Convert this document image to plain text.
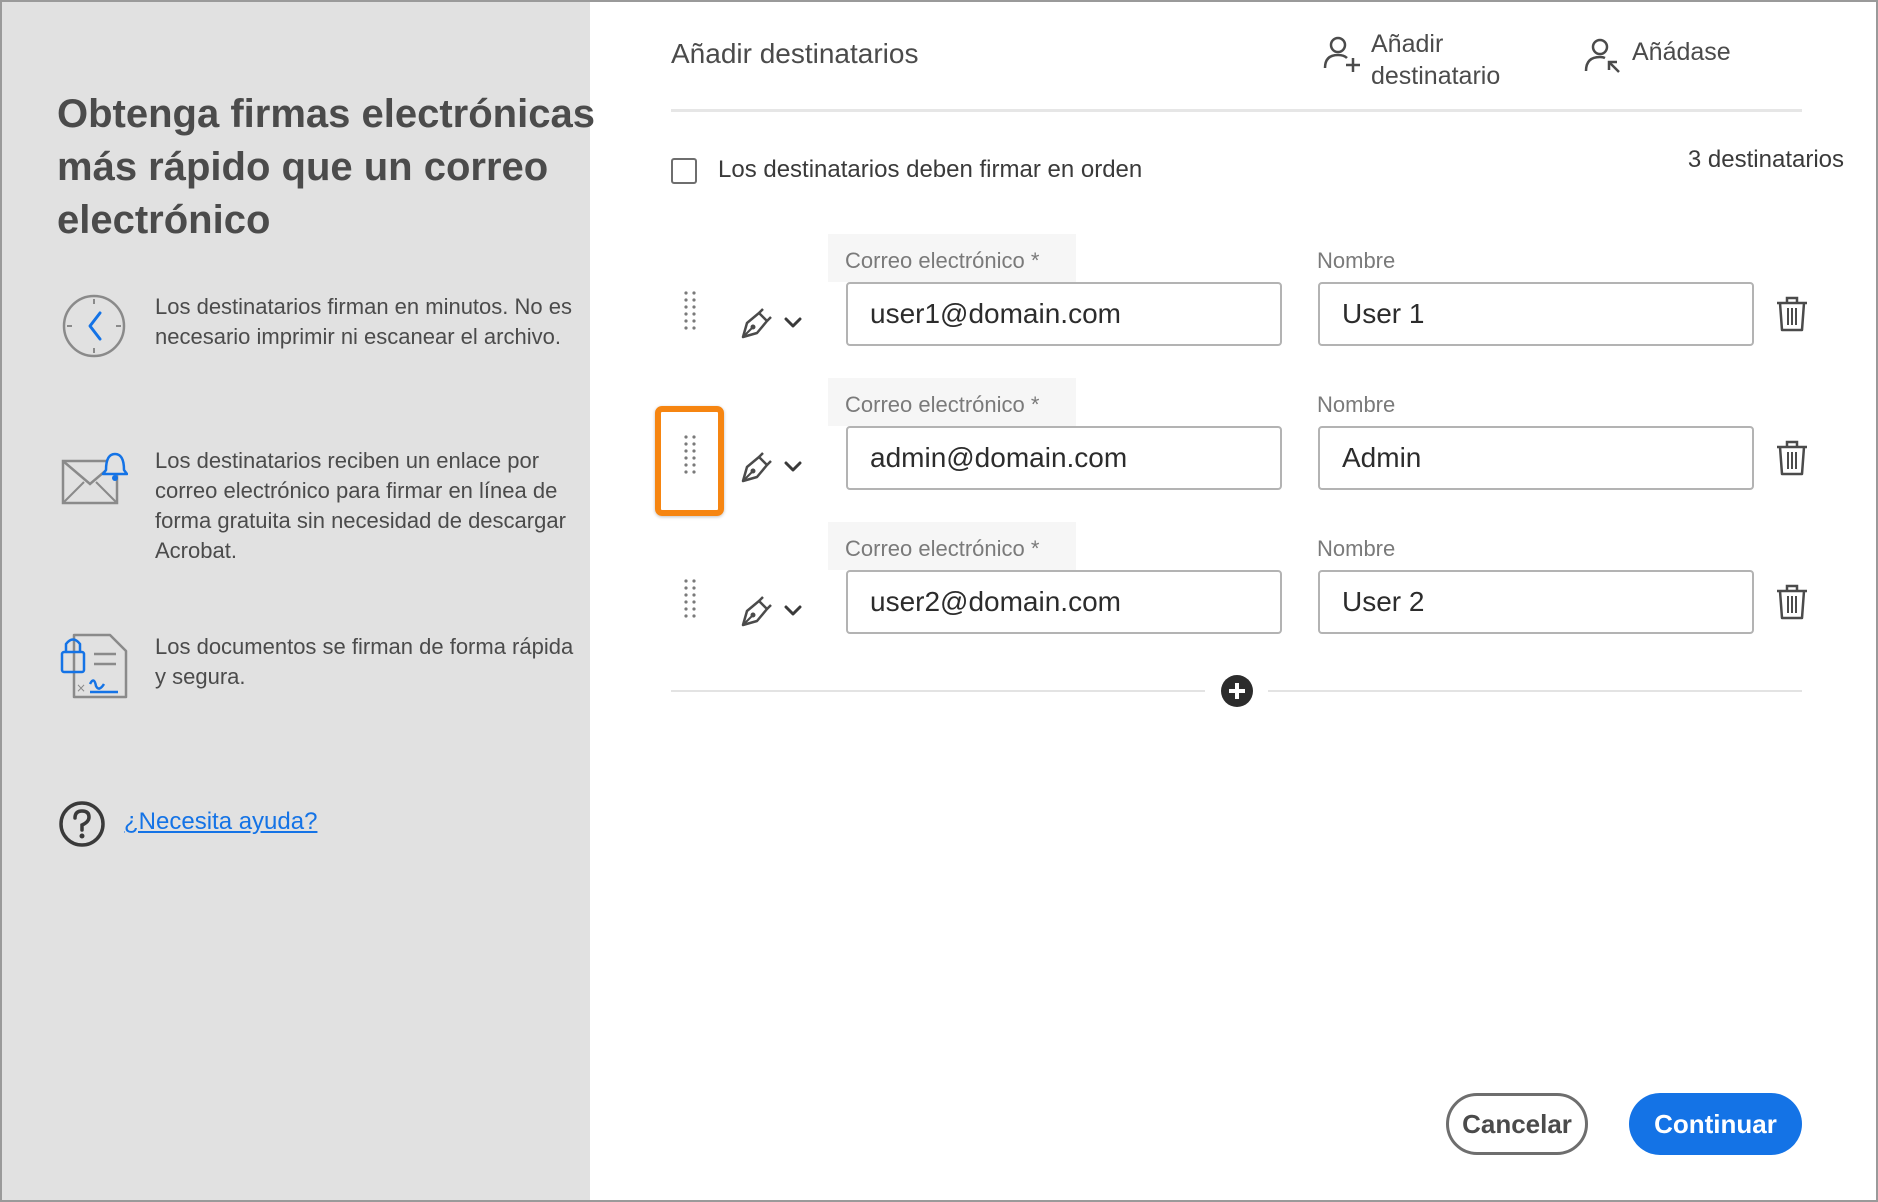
Obtenga firmas electrónicas más rápido que un correo electrónico
Los destinatarios firman en minutos. No es necesario imprimir ni escanear el archivo.
Los destinatarios reciben un enlace por correo electrónico para firmar en línea de forma gratuita sin necesidad de descargar Acrobat.
×
Los documentos se firman de forma rápida y segura.
¿Necesita ayuda?
Añadir destinatarios	Añadir
destinatario
Añádase
Los destinatarios deben firmar en orden	3 destinatarios
Correo electrónico *	Nombre
user1@domain.com	User 1
Correo electrónico *	Nombre
admin@domain.com	Admin
Correo electrónico *	Nombre
user2@domain.com	User 2
Cancelar	Continuar
